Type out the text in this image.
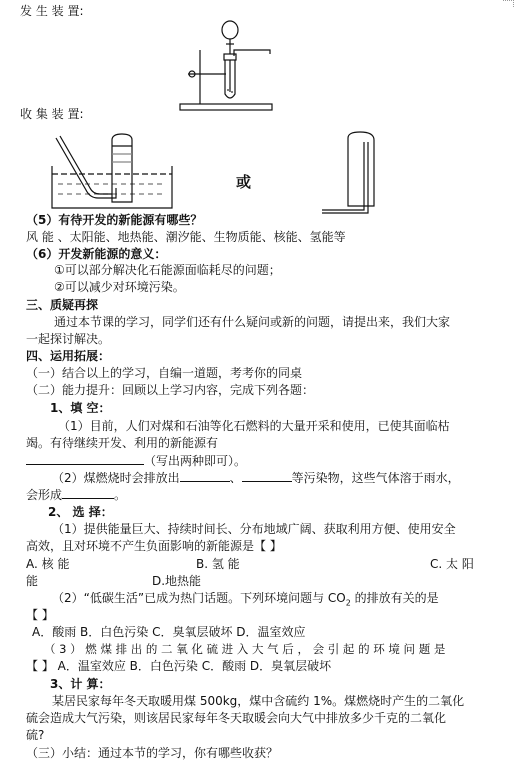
发 生 装 置:
收 集 装 置:
或
（5）有待开发的新能源有哪些？
风 能 、太阳能、地热能、潮汐能、生物质能、核能、氢能等
（6）开发新能源的意义：
①可以部分解决化石能源面临耗尽的问题；
②可以减少对环境污染。
三、质疑再探
通过本节课的学习，同学们还有什么疑问或新的问题，请提出来，我们大家
一起探讨解决。
四、运用拓展：
（一）结合以上的学习，自编一道题，考考你的同桌
（二）能力提升：回顾以上学习内容，完成下列各题：
1、填 空：
（1）目前，人们对煤和石油等化石燃料的大量开采和使用，已使其面临枯
竭。有待继续开发、利用的新能源有
（写出两种即可）。
（2）煤燃烧时会排放出	、	等污染物，这些气体溶于雨水，
会形成	。
2、 选 择：
（1）提供能量巨大、持续时间长、分布地域广阔、获取利用方便、使用安全
高效，且对环境不产生负面影响的新能源是【 】
A. 核 能	B. 氢 能	C. 太 阳
能	D.地热能
（2）“低碳生活”已成为热门话题。下列环境问题与 $CO_2$ 的排放有关的是
【 】
A．酸雨 B．白色污染 C．臭氧层破坏 D．温室效应
（ 3 ） 燃 煤 排 出 的 二 氧 化 硫 进 入 大 气 后 ， 会 引 起 的 环 境 问 题 是
【 】 A．温室效应 B．白色污染 C．酸雨 D．臭氧层破坏
3、计 算：
某居民家每年冬天取暖用煤 500kg，煤中含硫约 1%。煤燃烧时产生的二氧化
硫会造成大气污染，则该居民家每年冬天取暖会向大气中排放多少千克的二氧化
硫?
（三）小结：通过本节的学习，你有哪些收获？
